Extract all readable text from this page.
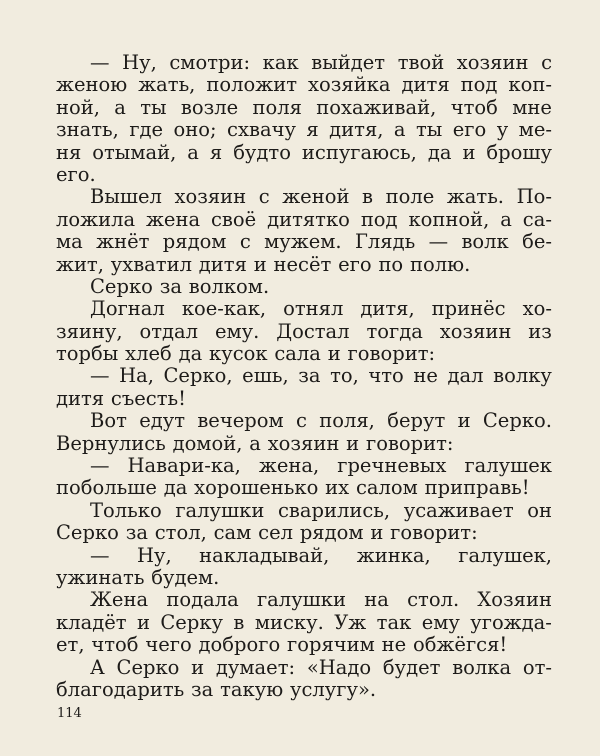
— Ну, смотри: как выйдет твой хозяин с
женою жать, положит хозяйка дитя под коп-
ной, а ты возле поля похаживай, чтоб мне
знать, где оно; схвачу я дитя, а ты его у ме-
ня отымай, а я будто испугаюсь, да и брошу
его.
Вышел хозяин с женой в поле жать. По-
ложила жена своё дитятко под копной, а са-
ма жнёт рядом с мужем. Глядь — волк бе-
жит, ухватил дитя и несёт его по полю.
Серко за волком.
Догнал кое-как, отнял дитя, принёс хо-
зяину, отдал ему. Достал тогда хозяин из
торбы хлеб да кусок сала и говорит:
— На, Серко, ешь, за то, что не дал волку
дитя съесть!
Вот едут вечером с поля, берут и Серко.
Вернулись домой, а хозяин и говорит:
— Навари-ка, жена, гречневых галушек
побольше да хорошенько их салом приправь!
Только галушки сварились, усаживает он
Серко за стол, сам сел рядом и говорит:
— Ну, накладывай, жинка, галушек,
ужинать будем.
Жена подала галушки на стол. Хозяин
кладёт и Серку в миску. Уж так ему угожда-
ет, чтоб чего доброго горячим не обжёгся!
А Серко и думает: «Надо будет волка от-
благодарить за такую услугу».
114
